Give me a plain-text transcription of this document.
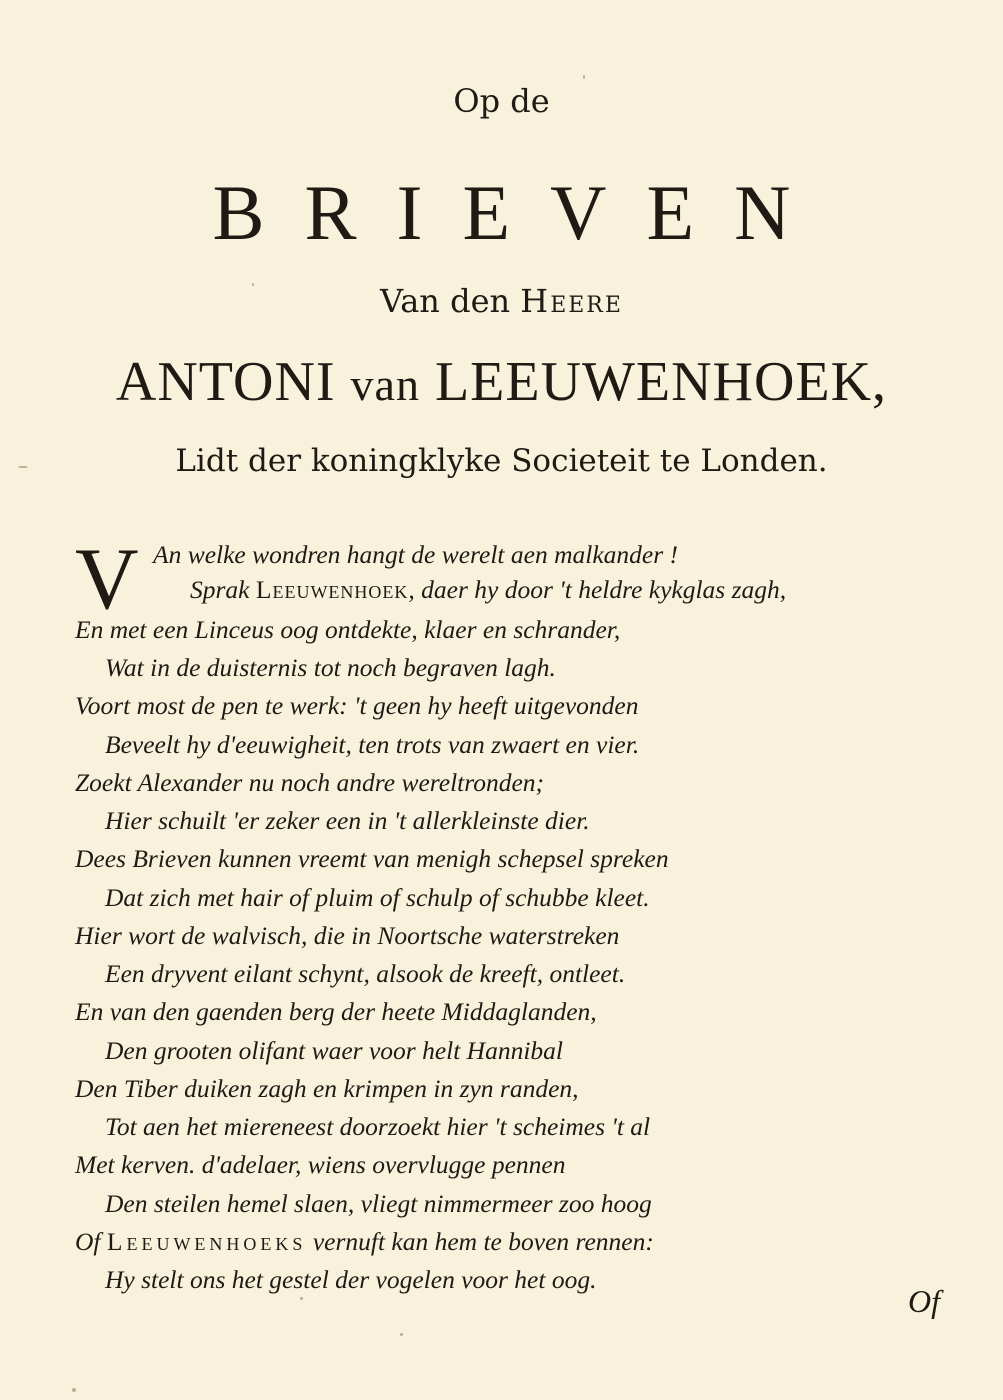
Op de
BRIEVEN
Van den Heere
ANTONI van LEEUWENHOEK,
Lidt der koningklyke Societeit te Londen.
V An welke wondren hangt de werelt aen malkander !
Sprak Leeuwenhoek, daer hy door 't heldre kykglas zagh,
En met een Linceus oog ontdekte, klaer en schrander,
Wat in de duisternis tot noch begraven lagh.
Voort most de pen te werk: 't geen hy heeft uitgevonden
Beveelt hy d'eeuwigheit, ten trots van zwaert en vier.
Zoekt Alexander nu noch andre wereltronden;
Hier schuilt 'er zeker een in 't allerkleinste dier.
Dees Brieven kunnen vreemt van menigh schepsel spreken
Dat zich met hair of pluim of schulp of schubbe kleet.
Hier wort de walvisch, die in Noortsche waterstreken
Een dryvent eilant schynt, alsook de kreeft, ontleet.
En van den gaenden berg der heete Middaglanden,
Den grooten olifant waer voor helt Hannibal
Den Tiber duiken zagh en krimpen in zyn randen,
Tot aen het miereneest doorzoekt hier 't scheimes 't al
Met kerven. d'adelaer, wiens overvlugge pennen
Den steilen hemel slaen, vliegt nimmermeer zoo hoog
Of Leeuwenhoeks vernuft kan hem te boven rennen:
Hy stelt ons het gestel der vogelen voor het oog.
Of
